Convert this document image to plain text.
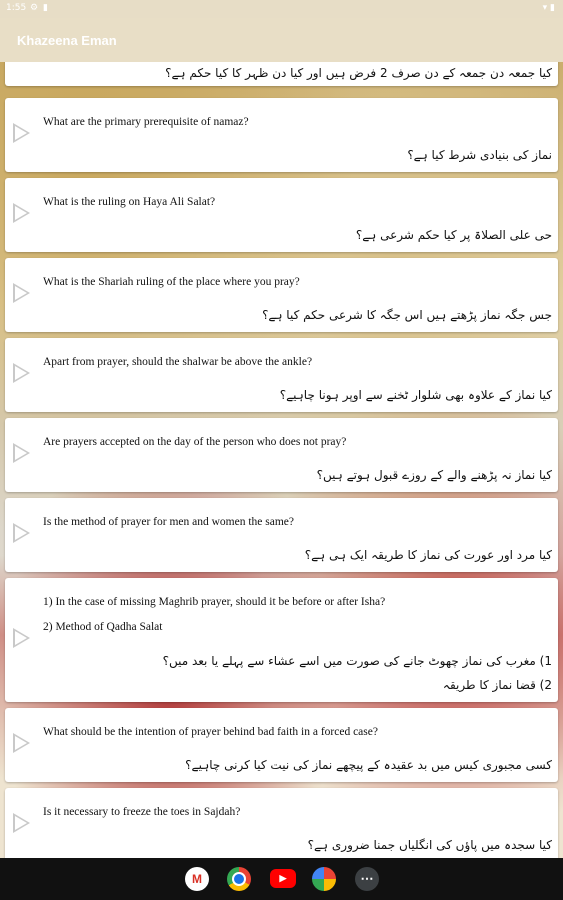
1:55 ⚙ ▮	▾ ▮
Khazeena Eman
کیا جمعہ دن جمعہ کے دن صرف 2 فرض ہیں اور کیا دن ظہر کا کیا حکم ہے؟
What are the primary prerequisite of namaz?
نماز کی بنیادی شرط کیا ہے؟
What is the ruling on Haya Ali Salat?
حی علی الصلاۃ پر کیا حکم شرعی ہے؟
What is the Shariah ruling of the place where you pray?
جس جگہ نماز پڑھتے ہیں اس جگہ کا شرعی حکم کیا ہے؟
Apart from prayer, should the shalwar be above the ankle?
کیا نماز کے علاوہ بھی شلوار ٹخنے سے اوپر ہونا چاہیے؟
Are prayers accepted on the day of the person who does not pray?
کیا نماز نہ پڑھنے والے کے روزے قبول ہوتے ہیں؟
Is the method of prayer for men and women the same?
کیا مرد اور عورت کی نماز کا طریقہ ایک ہی ہے؟
1) In the case of missing Maghrib prayer, should it be before or after Isha?
2) Method of Qadha Salat
1) مغرب کی نماز چھوٹ جانے کی صورت میں اسے عشاء سے پہلے یا بعد میں؟
2) قضا نماز کا طریقہ
What should be the intention of prayer behind bad faith in a forced case?
کسی مجبوری کیس میں بد عقیدہ کے پیچھے نماز کی نیت کیا کرنی چاہیے؟
Is it necessary to freeze the toes in Sajdah?
کیا سجدہ میں پاؤں کی انگلیاں جمنا ضروری ہے؟
M	▶	⋯
